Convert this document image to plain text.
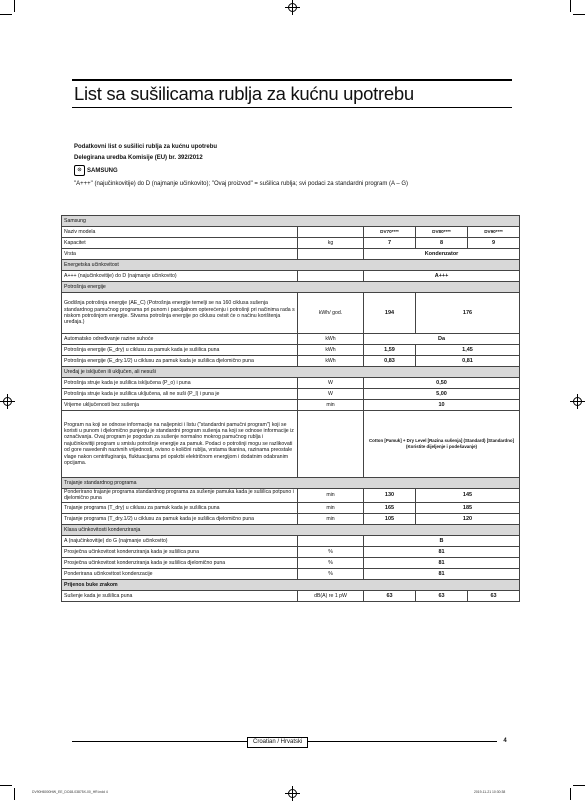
List sa sušilicama rublja za kućnu upotrebu
Podatkovni list o sušilici rublja za kućnu upotrebu
Delegirana uredba Komisije (EU) br. 392/2012
⊙ SAMSUNG
"A+++" (najučinkovitije) do D (najmanje učinkovito); "Ovaj proizvod" = sušilica rublja; svi podaci za standardni program (A – G)
Samsung				
Naziv modela		DV70****	DV80****	DV90****
Kapacitet	kg	7	8	9
Vrsta		Kondenzator		
Energetska učinkovitost				
A+++ (najučinkovitije) do D (najmanje učinkovito)		A+++		
Potrošnja energije				
Godišnja potrošnja energije (AE_C) (Potrošnja energije temelji se na 160 ciklusa sušenja standardnog pamučnog programa pri punom i parcijalnom opterećenju i potrošnji pri načinima rada s niskom potrošnjom energije. Stvarna potrošnja energije po ciklusu ovisit će o načinu korištenja uređaja.)	kWh/ god.	194	176	
Automatsko određivanje razine suhoće	kWh	Da		
Potrošnja energije (E_dry) u ciklusu za pamuk kada je sušilica puna	kWh	1,59	1,45	
Potrošnja energije (E_dry.1/2) u ciklusu za pamuk kada je sušilica djelomično puna	kWh	0,83	0,81	
Uređaj je isključen ili uključen, ali nesuši				
Potrošnja struje kada je sušilica isključena (P_o) i puna	W	0,50		
Potrošnja struje kada je sušilica uključena, ali ne suši (P_l) i puna je	W	5,00		
Vrijeme uključenosti bez sušenja	min	10		
Program na koji se odnose informacije na naljepnici i listu ("standardni pamučni program") koji se koristi u punom i djelomično punjenju je standardni program sušenja na koji se odnose informacije iz označivanja. Ovaj program je pogodan za sušenje normalno mokrog pamučnog rublja i najučinkovitiji program u smislu potrošnje energije za pamuk. Podaci o potrošnji mogu se razlikovati od gore navedenih nazivnih vrijednosti, ovisno o količini rublja, vrstama tkanina, razinama preostale vlage nakon centrifugiranja, fluktuacijama pri opskrbi električnom energijom i dodatnim odabranim opcijama.		Cotton [Pamuk] + Dry Level [Razina sušenja] (Standard) [Standardno] (Koristite dijeljenje i podešavanje)		
Trajanje standardnog programa				
Ponderirano trajanje programa standardnog programa za sušenje pamuka kada je sušilica potpuno i djelomično puna	min	130	145	
Trajanje programa (T_dry) u ciklusu za pamuk kada je sušilica puna	min	165	185	
Trajanje programa (T_dry.1/2) u ciklusu za pamuk kada je sušilica djelomično puna	min	105	120	
Klasa učinkovitosti kondenziranja				
A (najučinkovitije) do G (najmanje učinkovito)		B		
Prosječna učinkovitost kondenziranja kada je sušilica puna	%	81		
Prosječna učinkovitost kondenziranja kada je sušilica djelomično puna	%	81		
Ponderirana učinkovitost kondenzacije	%	81		
Prijenos buke zrakom				
Sušenje kada je sušilica puna	dB(A) re 1 pW	63	63	63
Croatian / Hrvatski	4
DV90H8000HW_EE_DC68-03875X-00_HR.indd 4	2019-11-21 10:30:38
